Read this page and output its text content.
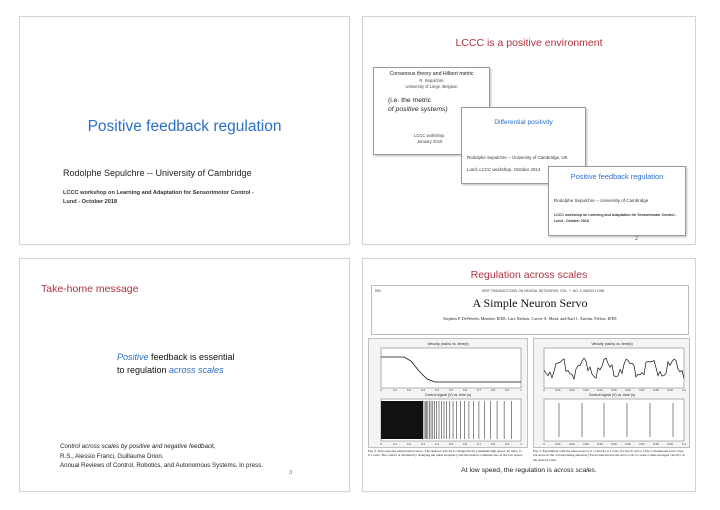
Positive feedback regulation
Rodolphe Sepulchre -- University of Cambridge
LCCC workshop on Learning and Adaptation for Sensorimotor Control -
Lund - October 2018
LCCC is a positive environment
Consensus theory and Hilbert metric
R. Sepulchre
University of Liege, Belgium
(i.e. the metric
of positive systems)
LCCC workshop
January 2010
Differential positivity
Rodolphe Sepulchre -- University of Cambridge, UK
Lund, LCCC workshop, October 2014
Positive feedback regulation
Rodolphe Sepulchre -- University of Cambridge
LCCC workshop on Learning and Adaptation for Sensorimotor Control -
Lund - October 2018
2
Take-home message
Positive feedback is essential
to regulation across scales
Control across scales by positive and negative feedback,
R.S., Alessio Franci, Guillaume Drion.
Annual Reviews of Control, Robotics, and Autonomous Systems. In press.
3
Regulation across scales
694	IEEE TRANSACTIONS ON NEURAL NETWORKS, VOL. 7, NO. 3, MARCH 1996
A Simple Neuron Servo
Stephen P. DeWeerth, Member, IEEE, Lars Nielsen, Carver A. Mead, and Karl J. Åström, Fellow, IEEE
Velocity (rad/s) vs. time(s)
0	0.1	0.2	0.3	0.4	0.5	0.6	0.7	0.8	0.9	1
Control signal (V) vs. time (s)
0	0.1	0.2	0.3	0.4	0.5	0.6	0.7	0.8	0.9	1
Fig. 4. Step response using neuron servo. The desired velocity is changed from a medium high speed, 20 rad/s, to 0.1 rad/s. The control is obtained by changing the pulse frequency and the motion continues also at the low speed.
Velocity (rad/s) vs. time(s)
0	0.01	0.02	0.03	0.04	0.05	0.06	0.07	0.08	0.09	0.1
Control signal (V) vs. time (s)
0	0.01	0.02	0.03	0.04	0.05	0.06	0.07	0.08	0.09	0.1
Fig. 5. Experiment with the neuron servo at a velocity 0.1 rad/s, for the dc servo. (The conventional servo does not move in the corresponding situation.) Each pulse moves the servo a bit to create a time-averaged velocity of the desired value.
At low speed, the regulation is across scales.
